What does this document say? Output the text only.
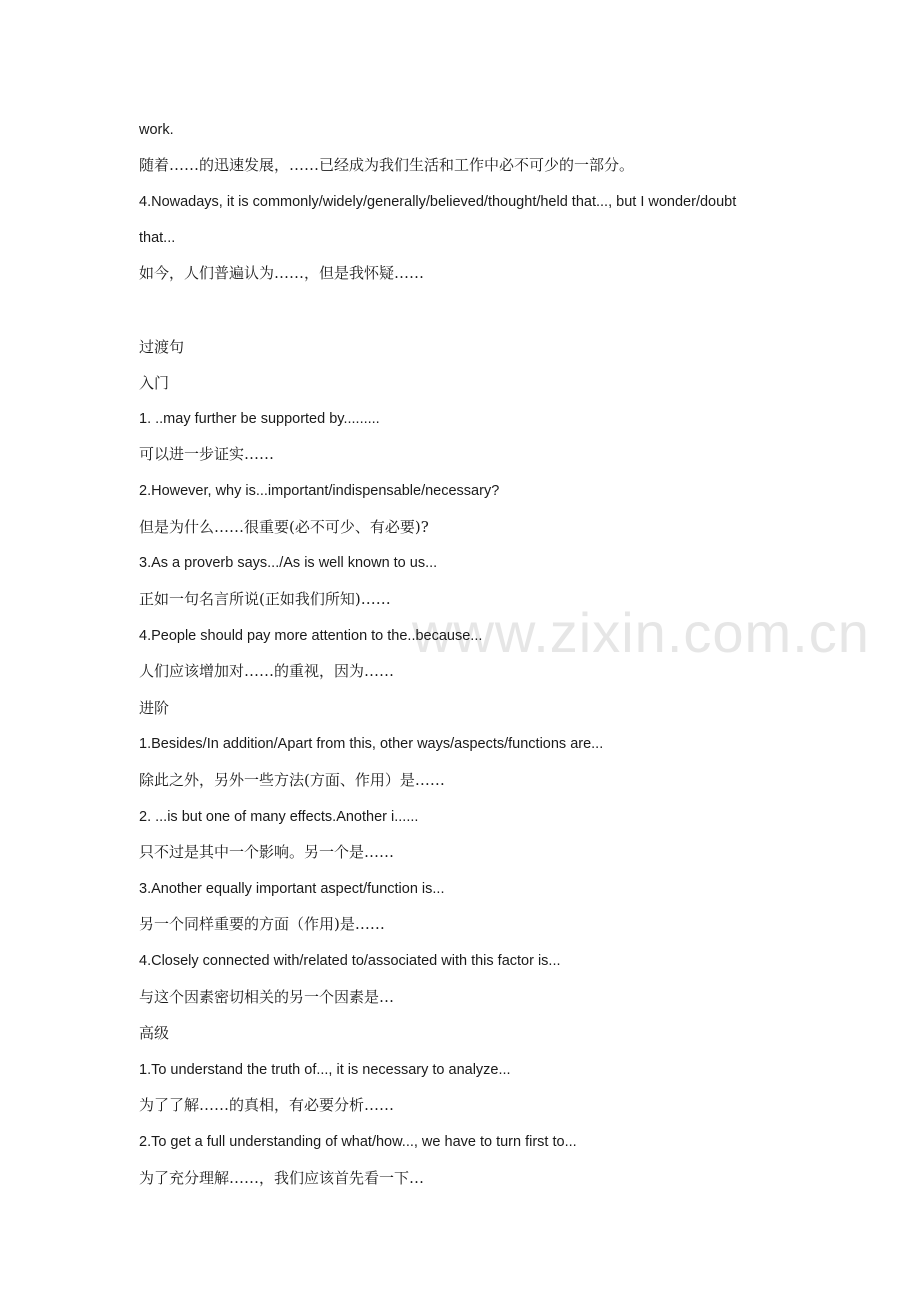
www.zixin.com.cn
work.
随着……的迅速发展，……已经成为我们生活和工作中必不可少的一部分。
4.Nowadays, it is commonly/widely/generally/believed/thought/held that..., but I wonder/doubt
that...
如今，人们普遍认为……，但是我怀疑……
过渡句
入门
1. ..may further be supported by.........
可以进一步证实……
2.However, why is...important/indispensable/necessary?
但是为什么……很重要(必不可少、有必要)?
3.As a proverb says.../As is well known to us...
正如一句名言所说(正如我们所知)……
4.People should pay more attention to the..because...
人们应该增加对……的重视，因为……
进阶
1.Besides/In addition/Apart from this, other ways/aspects/functions are...
除此之外，另外一些方法(方面、作用）是……
2. ...is but one of many effects.Another i......
只不过是其中一个影响。另一个是……
3.Another equally important aspect/function is...
另一个同样重要的方面（作用)是……
4.Closely connected with/related to/associated with this factor is...
与这个因素密切相关的另一个因素是…
高级
1.To understand the truth of..., it is necessary to analyze...
为了了解……的真相，有必要分析……
2.To get a full understanding of what/how..., we have to turn first to...
为了充分理解……，我们应该首先看一下…
